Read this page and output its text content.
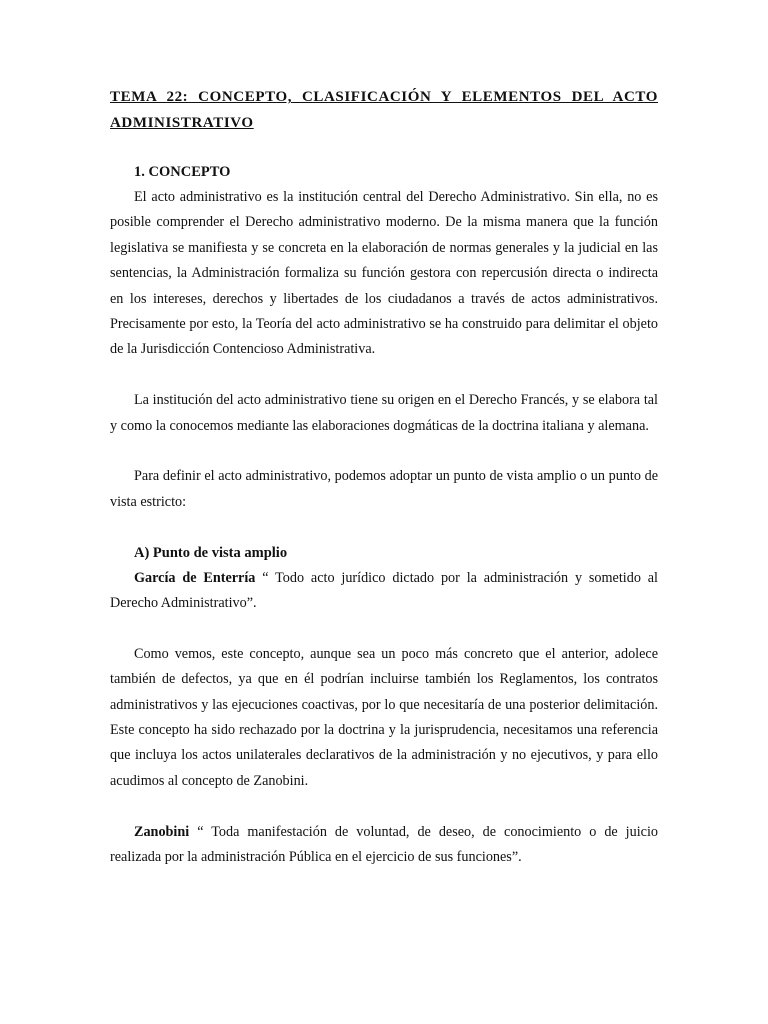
TEMA 22: CONCEPTO, CLASIFICACIÓN Y ELEMENTOS DEL ACTO
ADMINISTRATIVO
1. CONCEPTO

El acto administrativo es la institución central del Derecho Administrativo. Sin ella, no es posible comprender el Derecho administrativo moderno. De la misma manera que la función legislativa se manifiesta y se concreta en la elaboración de normas generales y la judicial en las sentencias, la Administración formaliza su función gestora con repercusión directa o indirecta en los intereses, derechos y libertades de los ciudadanos a través de actos administrativos. Precisamente por esto, la Teoría del acto administrativo se ha construido para delimitar el objeto de la Jurisdicción Contencioso Administrativa.

La institución del acto administrativo tiene su origen en el Derecho Francés, y se elabora tal y como la conocemos mediante las elaboraciones dogmáticas de la doctrina italiana y alemana.

Para definir el acto administrativo, podemos adoptar un punto de vista amplio o un punto de vista estricto:

A) Punto de vista amplio

García de Enterría “ Todo acto jurídico dictado por la administración y sometido al Derecho Administrativo”.

Como vemos, este concepto, aunque sea un poco más concreto que el anterior, adolece también de defectos, ya que en él podrían incluirse también los Reglamentos, los contratos administrativos y las ejecuciones coactivas, por lo que necesitaría de una posterior delimitación. Este concepto ha sido rechazado por la doctrina y la jurisprudencia, necesitamos una referencia que incluya los actos unilaterales declarativos de la administración y no ejecutivos, y para ello acudimos al concepto de Zanobini.

Zanobini “ Toda manifestación de voluntad, de deseo, de conocimiento o de juicio realizada por la administración Pública en el ejercicio de sus funciones”.
